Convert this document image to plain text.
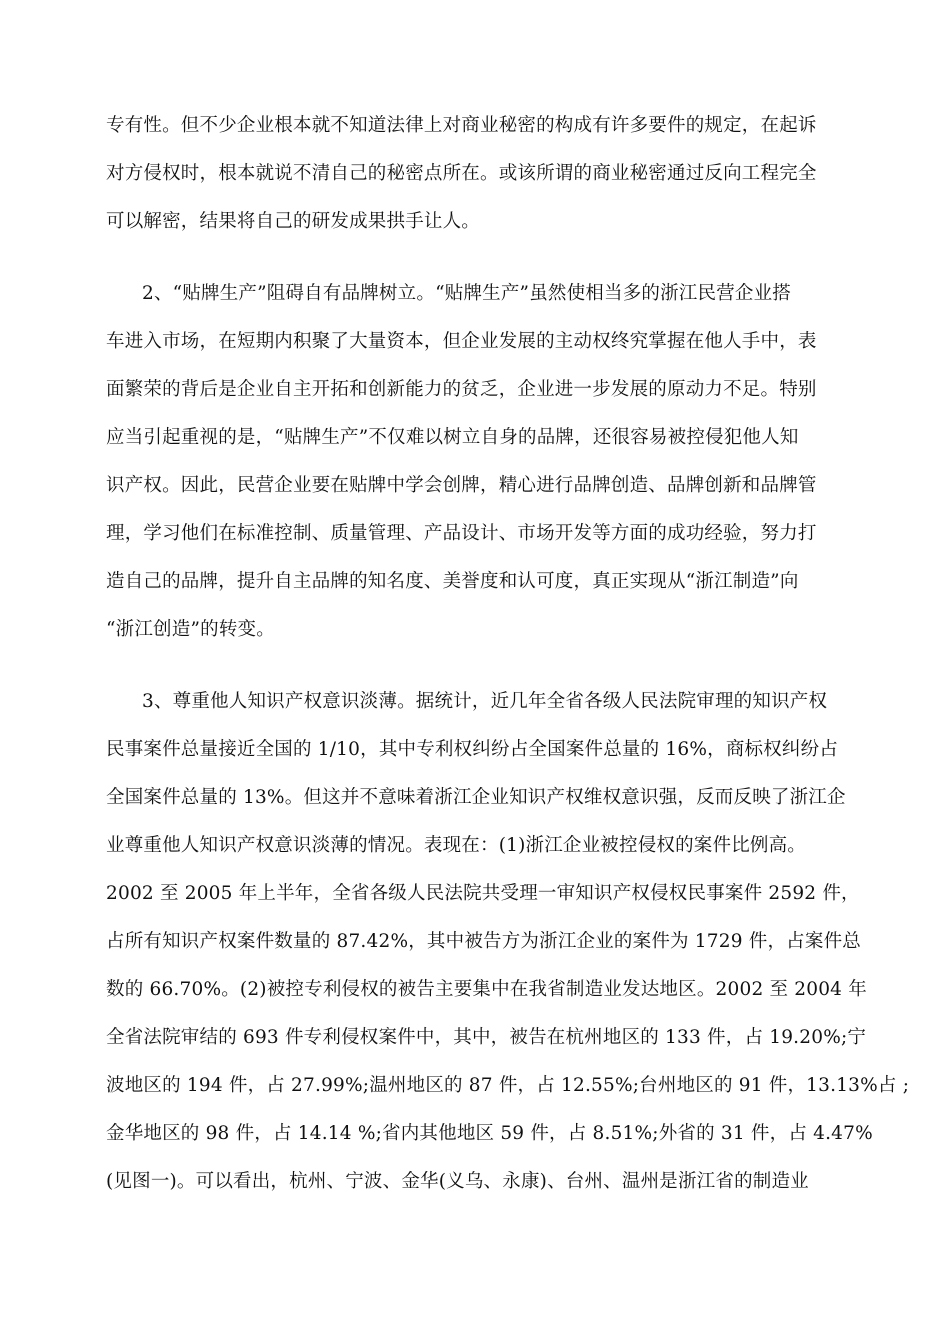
专有性。但不少企业根本就不知道法律上对商业秘密的构成有许多要件的规定，在起诉
对方侵权时，根本就说不清自己的秘密点所在。或该所谓的商业秘密通过反向工程完全
可以解密，结果将自己的研发成果拱手让人。
2、“贴牌生产”阻碍自有品牌树立。“贴牌生产”虽然使相当多的浙江民营企业搭
车进入市场，在短期内积聚了大量资本，但企业发展的主动权终究掌握在他人手中，表
面繁荣的背后是企业自主开拓和创新能力的贫乏，企业进一步发展的原动力不足。特别
应当引起重视的是，“贴牌生产”不仅难以树立自身的品牌，还很容易被控侵犯他人知
识产权。因此，民营企业要在贴牌中学会创牌，精心进行品牌创造、品牌创新和品牌管
理，学习他们在标准控制、质量管理、产品设计、市场开发等方面的成功经验，努力打
造自己的品牌，提升自主品牌的知名度、美誉度和认可度，真正实现从“浙江制造”向
“浙江创造”的转变。
3、尊重他人知识产权意识淡薄。据统计，近几年全省各级人民法院审理的知识产权
民事案件总量接近全国的 1/10，其中专利权纠纷占全国案件总量的 16%，商标权纠纷占
全国案件总量的 13%。但这并不意味着浙江企业知识产权维权意识强，反而反映了浙江企
业尊重他人知识产权意识淡薄的情况。表现在：(1)浙江企业被控侵权的案件比例高。
2002 至 2005 年上半年，全省各级人民法院共受理一审知识产权侵权民事案件 2592 件，
占所有知识产权案件数量的 87.42%，其中被告方为浙江企业的案件为 1729 件，占案件总
数的 66.70%。(2)被控专利侵权的被告主要集中在我省制造业发达地区。2002 至 2004 年
全省法院审结的 693 件专利侵权案件中，其中，被告在杭州地区的 133 件，占 19.20%;宁
波地区的 194 件，占 27.99%;温州地区的 87 件，占 12.55%;台州地区的 91 件，13.13%占 ;
金华地区的 98 件，占 14.14 %;省内其他地区 59 件，占 8.51%;外省的 31 件，占 4.47%
(见图一)。可以看出，杭州、宁波、金华(义乌、永康)、台州、温州是浙江省的制造业
